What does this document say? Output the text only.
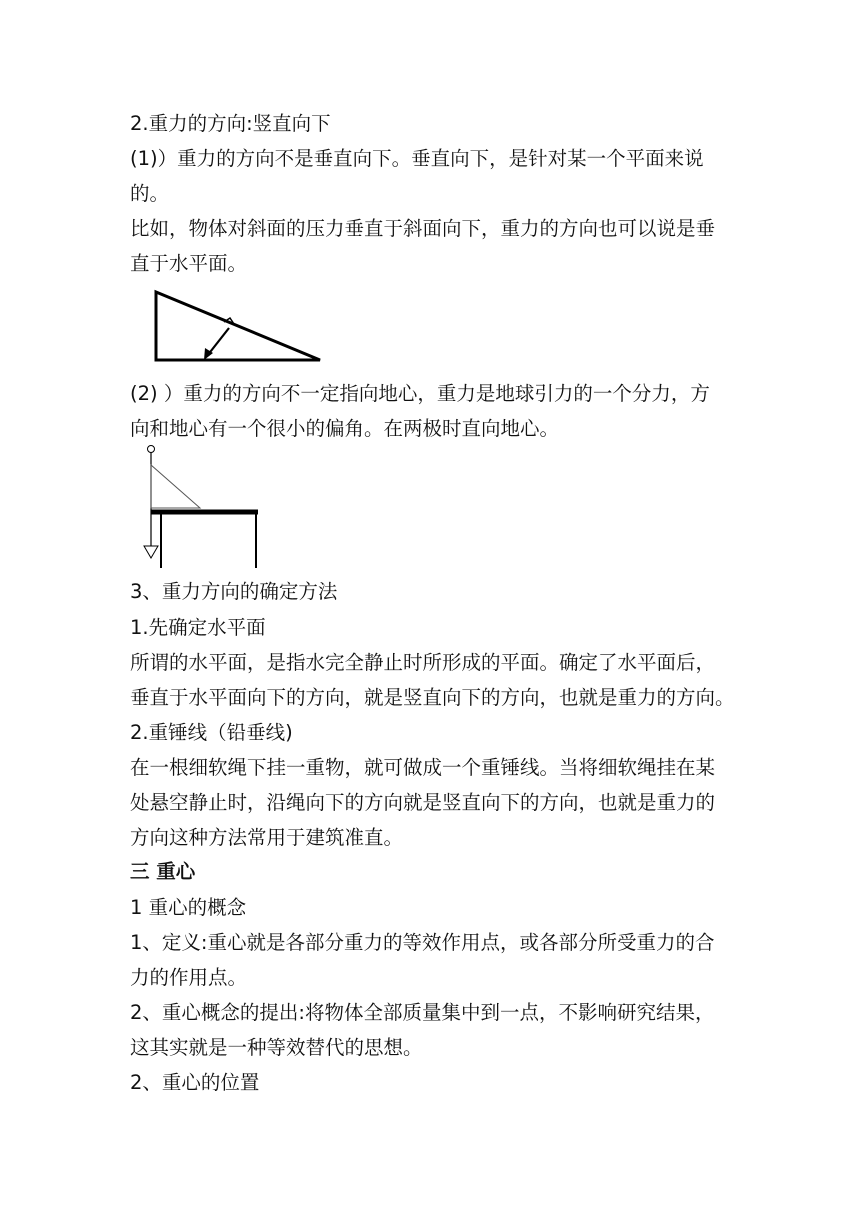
2.重力的方向:竖直向下
(1)）重力的方向不是垂直向下。垂直向下，是针对某一个平面来说
的。
比如，物体对斜面的压力垂直于斜面向下，重力的方向也可以说是垂
直于水平面。
(2) ）重力的方向不一定指向地心，重力是地球引力的一个分力，方
向和地心有一个很小的偏角。在两极时直向地心。
3、重力方向的确定方法
1.先确定水平面
所谓的水平面，是指水完全静止时所形成的平面。确定了水平面后，
垂直于水平面向下的方向，就是竖直向下的方向，也就是重力的方向。
2.重锤线（铅垂线)
在一根细软绳下挂一重物，就可做成一个重锤线。当将细软绳挂在某
处悬空静止时，沿绳向下的方向就是竖直向下的方向，也就是重力的
方向这种方法常用于建筑准直。
三 重心
1 重心的概念
1、定义:重心就是各部分重力的等效作用点，或各部分所受重力的合
力的作用点。
2、重心概念的提出:将物体全部质量集中到一点，不影响研究结果，
这其实就是一种等效替代的思想。
2、重心的位置
